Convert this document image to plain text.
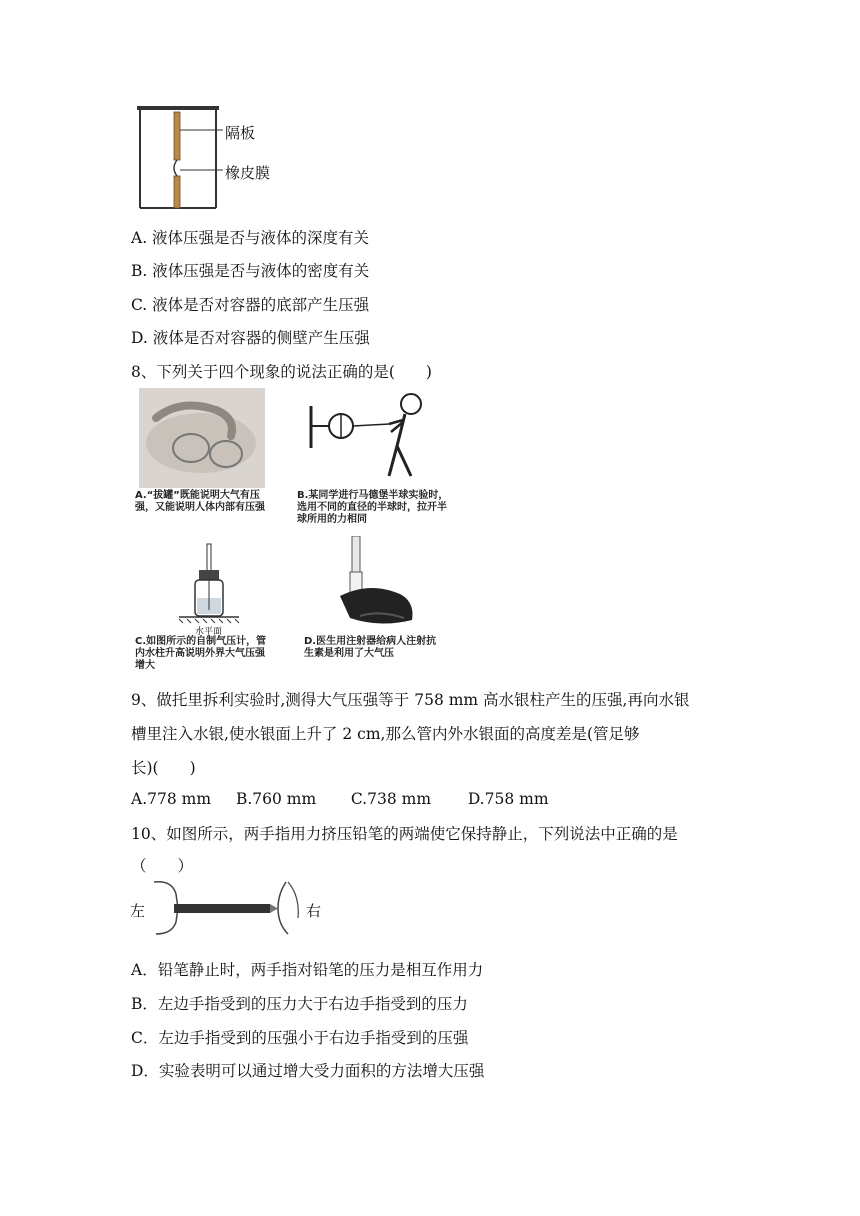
隔板
橡皮膜
A. 液体压强是否与液体的深度有关
B. 液体压强是否与液体的密度有关
C. 液体是否对容器的底部产生压强
D. 液体是否对容器的侧壁产生压强
8、下列关于四个现象的说法正确的是(　　)
A.“拔罐”既能说明大气有压强，又能说明人体内部有压强
B.某同学进行马德堡半球实验时，选用不同的直径的半球时，拉开半球所用的力相同
水平面
C.如图所示的自制气压计，管内水柱升高说明外界大气压强增大
D.医生用注射器给病人注射抗生素是利用了大气压
9、做托里拆利实验时,测得大气压强等于 758 mm 高水银柱产生的压强,再向水银
槽里注入水银,使水银面上升了 2 cm,那么管内外水银面的高度差是(管足够
长)(　　)
A.778 mm B.760 mm C.738 mm D.758 mm
10、如图所示，两手指用力挤压铅笔的两端使它保持静止，下列说法中正确的是
（　　）
左	右
A．铅笔静止时，两手指对铅笔的压力是相互作用力
B．左边手指受到的压力大于右边手指受到的压力
C．左边手指受到的压强小于右边手指受到的压强
D．实验表明可以通过增大受力面积的方法增大压强
